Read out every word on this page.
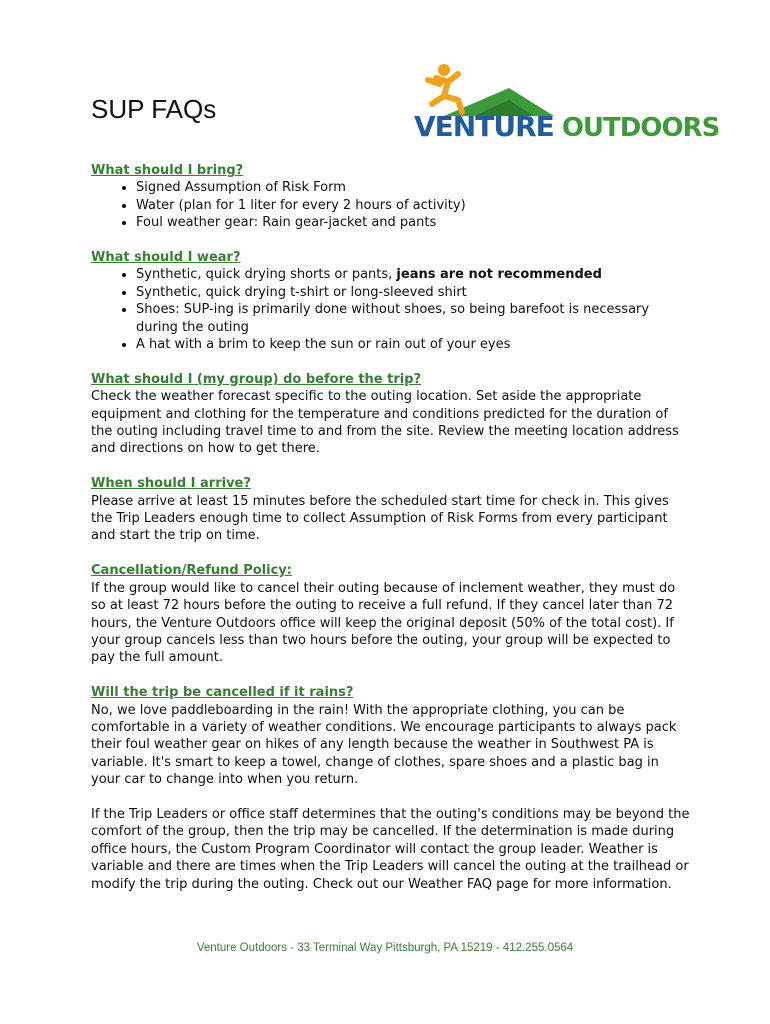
SUP FAQs
VENTURE OUTDOORS
What should I bring?
• Signed Assumption of Risk Form
• Water (plan for 1 liter for every 2 hours of activity)
• Foul weather gear: Rain gear-jacket and pants
What should I wear?
• Synthetic, quick drying shorts or pants, jeans are not recommended
• Synthetic, quick drying t-shirt or long-sleeved shirt
• Shoes: SUP-ing is primarily done without shoes, so being barefoot is necessary during the outing
• A hat with a brim to keep the sun or rain out of your eyes
What should I (my group) do before the trip?

Check the weather forecast specific to the outing location. Set aside the appropriate equipment and clothing for the temperature and conditions predicted for the duration of the outing including travel time to and from the site. Review the meeting location address and directions on how to get there.

When should I arrive?

Please arrive at least 15 minutes before the scheduled start time for check in. This gives the Trip Leaders enough time to collect Assumption of Risk Forms from every participant and start the trip on time.

Cancellation/Refund Policy:

If the group would like to cancel their outing because of inclement weather, they must do so at least 72 hours before the outing to receive a full refund. If they cancel later than 72 hours, the Venture Outdoors office will keep the original deposit (50% of the total cost). If your group cancels less than two hours before the outing, your group will be expected to pay the full amount.

Will the trip be cancelled if it rains?

No, we love paddleboarding in the rain! With the appropriate clothing, you can be comfortable in a variety of weather conditions. We encourage participants to always pack their foul weather gear on hikes of any length because the weather in Southwest PA is variable. It's smart to keep a towel, change of clothes, spare shoes and a plastic bag in your car to change into when you return.

If the Trip Leaders or office staff determines that the outing's conditions may be beyond the comfort of the group, then the trip may be cancelled. If the determination is made during office hours, the Custom Program Coordinator will contact the group leader. Weather is variable and there are times when the Trip Leaders will cancel the outing at the trailhead or modify the trip during the outing. Check out our Weather FAQ page for more information.

Venture Outdoors - 33 Terminal Way Pittsburgh, PA 15219 - 412.255.0564
